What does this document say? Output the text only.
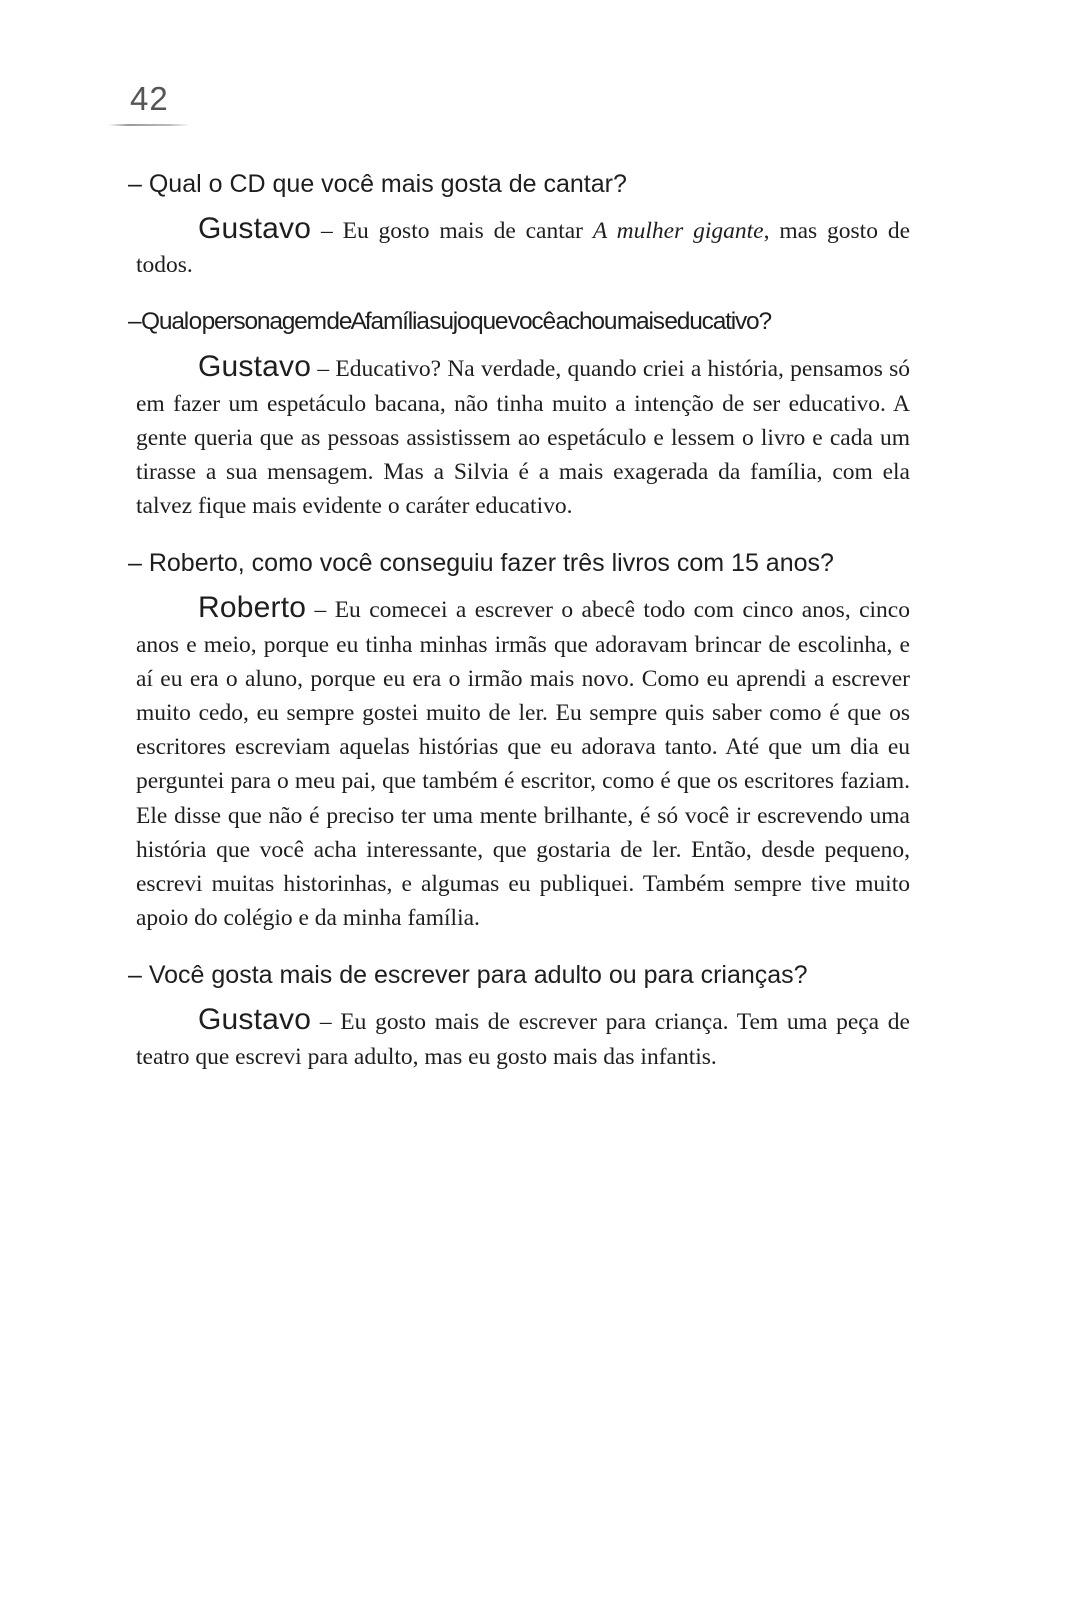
42
– Qual o CD que você mais gosta de cantar?

Gustavo – Eu gosto mais de cantar A mulher gigante, mas gosto de todos.

– Qual o personagem de A família sujo que você achou mais educativo?

Gustavo – Educativo? Na verdade, quando criei a história, pensamos só em fazer um espetáculo bacana, não tinha muito a intenção de ser educativo. A gente queria que as pessoas assistissem ao espetáculo e lessem o livro e cada um tirasse a sua mensagem. Mas a Silvia é a mais exagerada da família, com ela talvez fique mais evidente o caráter educativo.

– Roberto, como você conseguiu fazer três livros com 15 anos?

Roberto – Eu comecei a escrever o abecê todo com cinco anos, cinco anos e meio, porque eu tinha minhas irmãs que adoravam brincar de escolinha, e aí eu era o aluno, porque eu era o irmão mais novo. Como eu aprendi a escrever muito cedo, eu sempre gostei muito de ler. Eu sempre quis saber como é que os escritores escreviam aquelas histórias que eu adorava tanto. Até que um dia eu perguntei para o meu pai, que também é escritor, como é que os escritores faziam. Ele disse que não é preciso ter uma mente brilhante, é só você ir escrevendo uma história que você acha interessante, que gostaria de ler. Então, desde pequeno, escrevi muitas historinhas, e algumas eu publiquei. Também sempre tive muito apoio do colégio e da minha família.

– Você gosta mais de escrever para adulto ou para crianças?

Gustavo – Eu gosto mais de escrever para criança. Tem uma peça de teatro que escrevi para adulto, mas eu gosto mais das infantis.
